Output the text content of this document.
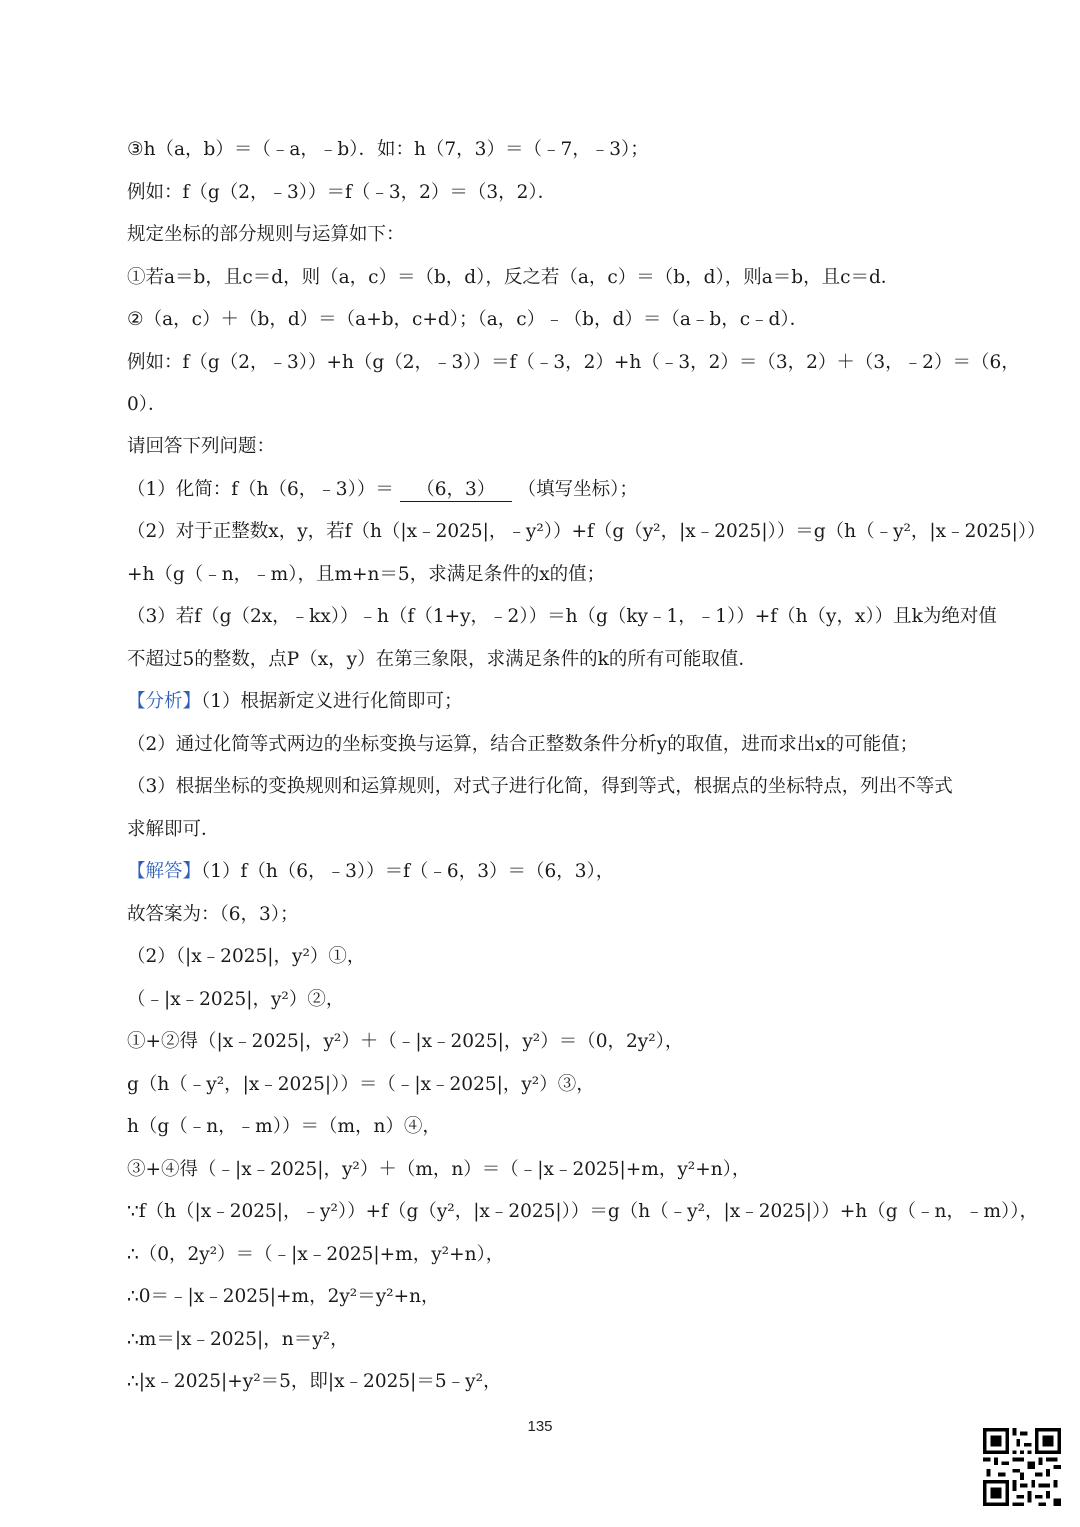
③h（a，b）＝（﹣a，﹣b）．如：h（7，3）＝（﹣7，﹣3）；
例如：f（g（2，﹣3））＝f（﹣3，2）＝（3，2）．
规定坐标的部分规则与运算如下：
①若a＝b，且c＝d，则（a，c）＝（b，d），反之若（a，c）＝（b，d），则a＝b，且c＝d．
②（a，c）＋（b，d）＝（a+b，c+d）；（a，c）﹣（b，d）＝（a﹣b，c﹣d）．
例如：f（g（2，﹣3））+h（g（2，﹣3））＝f（﹣3，2）+h（﹣3，2）＝（3，2）＋（3，﹣2）＝（6，
0）．
请回答下列问题：
（1）化简：f（h（6，﹣3））＝ （6，3） （填写坐标）；
（2）对于正整数x，y，若f（h（|x﹣2025|，﹣y²））+f（g（y²，|x﹣2025|））＝g（h（﹣y²，|x﹣2025|））
+h（g（﹣n，﹣m），且m+n＝5，求满足条件的x的值；
（3）若f（g（2x，﹣kx））﹣h（f（1+y，﹣2））＝h（g（ky﹣1，﹣1））+f（h（y，x））且k为绝对值
不超过5的整数，点P（x，y）在第三象限，求满足条件的k的所有可能取值．
【分析】（1）根据新定义进行化简即可；
（2）通过化简等式两边的坐标变换与运算，结合正整数条件分析y的取值，进而求出x的可能值；
（3）根据坐标的变换规则和运算规则，对式子进行化简，得到等式，根据点的坐标特点，列出不等式
求解即可．
【解答】（1）f（h（6，﹣3））＝f（﹣6，3）＝（6，3），
故答案为：（6，3）；
（2）（|x﹣2025|，y²）①，
（﹣|x﹣2025|，y²）②，
①+②得（|x﹣2025|，y²）＋（﹣|x﹣2025|，y²）＝（0，2y²），
g（h（﹣y²，|x﹣2025|））＝（﹣|x﹣2025|，y²）③，
h（g（﹣n，﹣m））＝（m，n）④，
③+④得（﹣|x﹣2025|，y²）＋（m，n）＝（﹣|x﹣2025|+m，y²+n），
∵f（h（|x﹣2025|，﹣y²））+f（g（y²，|x﹣2025|））＝g（h（﹣y²，|x﹣2025|））+h（g（﹣n，﹣m）），
∴（0，2y²）＝（﹣|x﹣2025|+m，y²+n），
∴0＝﹣|x﹣2025|+m，2y²＝y²+n，
∴m＝|x﹣2025|，n＝y²，
∴|x﹣2025|+y²＝5，即|x﹣2025|＝5﹣y²，
135
